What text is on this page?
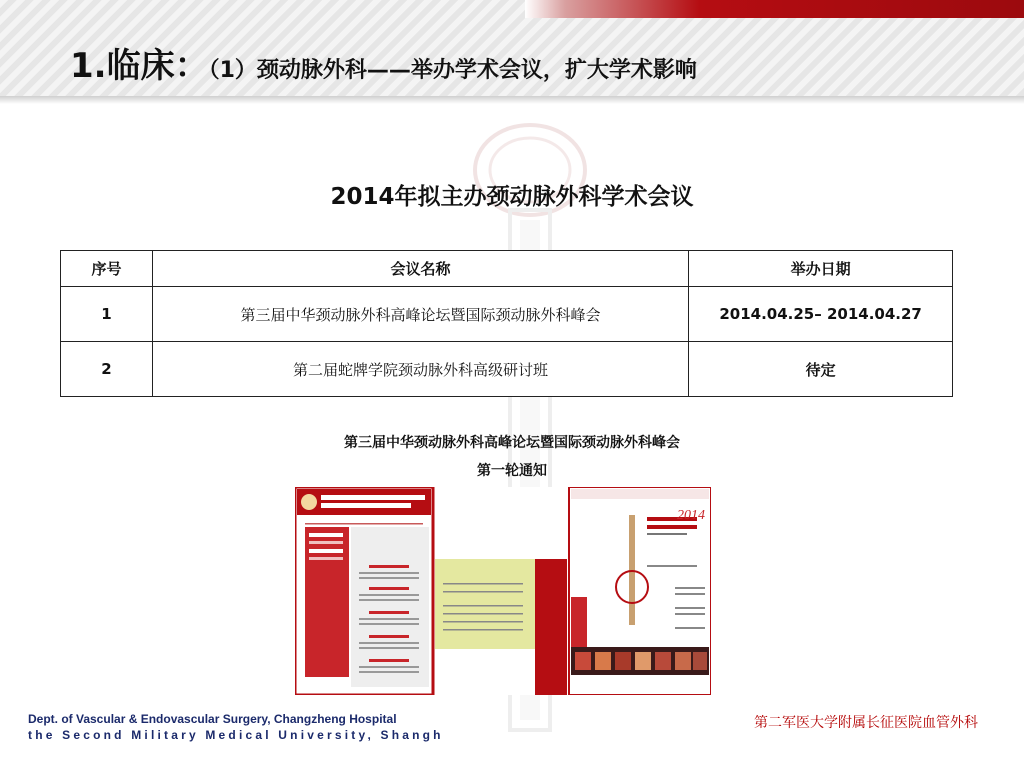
1.临床：（1）颈动脉外科——举办学术会议，扩大学术影响
2014年拟主办颈动脉外科学术会议
序号	会议名称	举办日期
1	第三届中华颈动脉外科高峰论坛暨国际颈动脉外科峰会	2014.04.25– 2014.04.27
2	第二届蛇牌学院颈动脉外科高级研讨班	待定
第三届中华颈动脉外科高峰论坛暨国际颈动脉外科峰会
第一轮通知
2014
Dept. of Vascular & Endovascular Surgery, Changzheng Hospital
the Second Military Medical University, Shangh
第二军医大学附属长征医院血管外科
